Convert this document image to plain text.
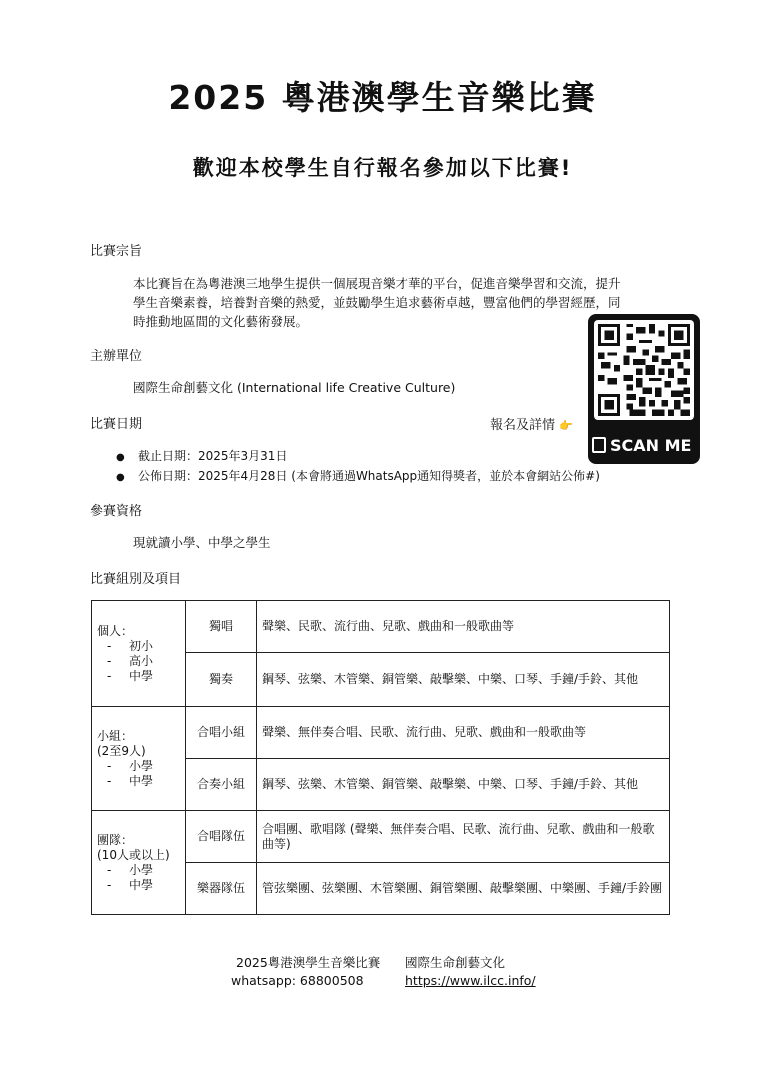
2025 粵港澳學生音樂比賽
歡迎本校學生自行報名參加以下比賽!
比賽宗旨
本比賽旨在為粵港澳三地學生提供一個展現音樂才華的平台，促進音樂學習和交流，提升
學生音樂素養，培養對音樂的熱愛，並鼓勵學生追求藝術卓越，豐富他們的學習經歷，同
時推動地區間的文化藝術發展。
主辦單位
國際生命創藝文化 (International life Creative Culture)
比賽日期	報名及詳情 👉
● 截止日期：2025年3月31日
● 公佈日期：2025年4月28日 (本會將通過WhatsApp通知得獎者，並於本會網站公佈#)
SCAN ME
參賽資格
現就讀小學、中學之學生
比賽組別及項目
個人：
- 初小
- 高小
- 中學	獨唱	聲樂、民歌、流行曲、兒歌、戲曲和一般歌曲等
	獨奏	鋼琴、弦樂、木管樂、銅管樂、敲擊樂、中樂、口琴、手鐘/手鈴、其他

小組：
(2至9人)
- 小學
- 中學	合唱小組	聲樂、無伴奏合唱、民歌、流行曲、兒歌、戲曲和一般歌曲等
	合奏小組	鋼琴、弦樂、木管樂、銅管樂、敲擊樂、中樂、口琴、手鐘/手鈴、其他

團隊：
(10人或以上)
- 小學
- 中學	合唱隊伍	合唱團、歌唱隊 (聲樂、無伴奏合唱、民歌、流行曲、兒歌、戲曲和一般歌曲等)
	樂器隊伍	管弦樂團、弦樂團、木管樂團、銅管樂團、敲擊樂團、中樂團、手鐘/手鈴團
2025粵港澳學生音樂比賽 國際生命創藝文化
whatsapp: 68800508	https://www.ilcc.info/
